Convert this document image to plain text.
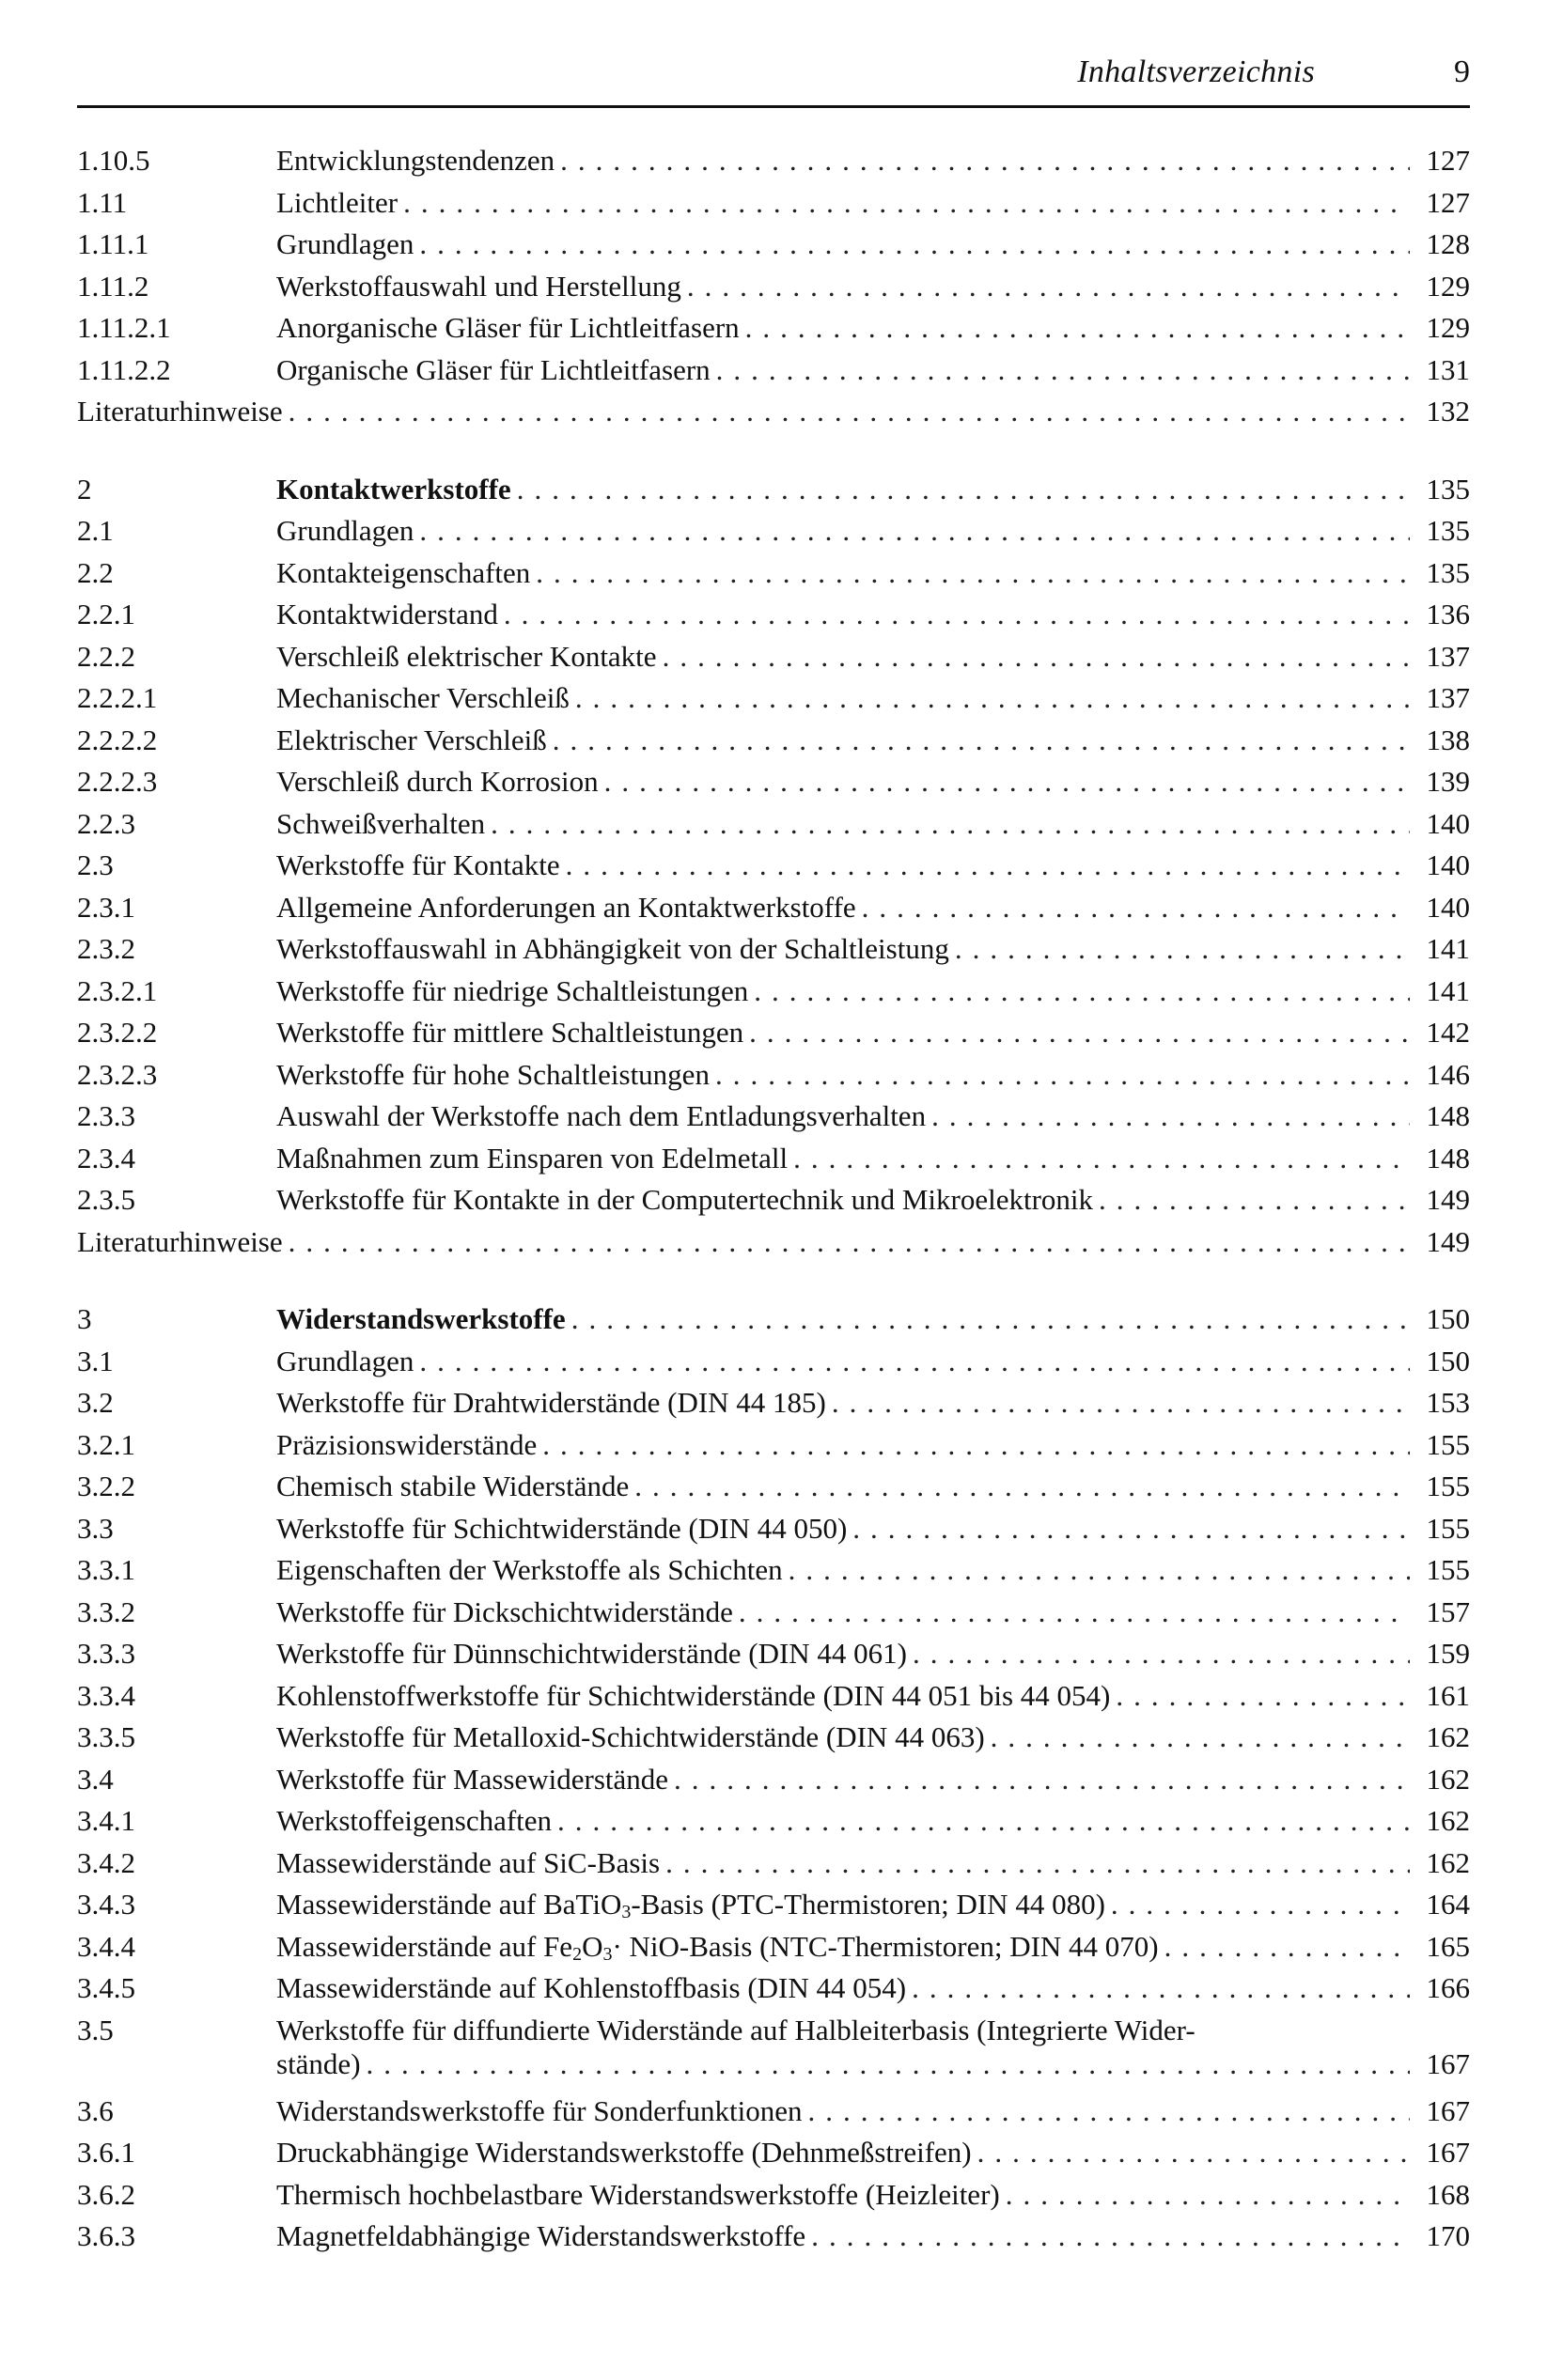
Inhaltsverzeichnis	9
1.10.5	Entwicklungstendenzen .....	127
1.11	Lichtleiter .....	127
1.11.1	Grundlagen .....	128
1.11.2	Werkstoffauswahl und Herstellung .....	129
1.11.2.1	Anorganische Gläser für Lichtleitfasern .....	129
1.11.2.2	Organische Gläser für Lichtleitfasern .....	131
Literaturhinweise .....	132
2	Kontaktwerkstoffe .....	135
2.1	Grundlagen .....	135
2.2	Kontakteigenschaften .....	135
2.2.1	Kontaktwiderstand .....	136
2.2.2	Verschleiß elektrischer Kontakte .....	137
2.2.2.1	Mechanischer Verschleiß .....	137
2.2.2.2	Elektrischer Verschleiß .....	138
2.2.2.3	Verschleiß durch Korrosion .....	139
2.2.3	Schweißverhalten .....	140
2.3	Werkstoffe für Kontakte .....	140
2.3.1	Allgemeine Anforderungen an Kontaktwerkstoffe .....	140
2.3.2	Werkstoffauswahl in Abhängigkeit von der Schaltleistung .....	141
2.3.2.1	Werkstoffe für niedrige Schaltleistungen .....	141
2.3.2.2	Werkstoffe für mittlere Schaltleistungen .....	142
2.3.2.3	Werkstoffe für hohe Schaltleistungen .....	146
2.3.3	Auswahl der Werkstoffe nach dem Entladungsverhalten .....	148
2.3.4	Maßnahmen zum Einsparen von Edelmetall .....	148
2.3.5	Werkstoffe für Kontakte in der Computertechnik und Mikroelektronik .....	149
Literaturhinweise .....	149
3	Widerstandswerkstoffe .....	150
3.1	Grundlagen .....	150
3.2	Werkstoffe für Drahtwiderstände (DIN 44 185) .....	153
3.2.1	Präzisionswiderstände .....	155
3.2.2	Chemisch stabile Widerstände .....	155
3.3	Werkstoffe für Schichtwiderstände (DIN 44 050) .....	155
3.3.1	Eigenschaften der Werkstoffe als Schichten .....	155
3.3.2	Werkstoffe für Dickschichtwiderstände .....	157
3.3.3	Werkstoffe für Dünnschichtwiderstände (DIN 44 061) .....	159
3.3.4	Kohlenstoffwerkstoffe für Schichtwiderstände (DIN 44 051 bis 44 054) .....	161
3.3.5	Werkstoffe für Metalloxid-Schichtwiderstände (DIN 44 063) .....	162
3.4	Werkstoffe für Massewiderstände .....	162
3.4.1	Werkstoffeigenschaften .....	162
3.4.2	Massewiderstände auf SiC-Basis .....	162
3.4.3	Massewiderstände auf BaTiO$_3$-Basis (PTC-Thermistoren; DIN 44 080) .....	164
3.4.4	Massewiderstände auf $Fe_2O_3\cdot$ NiO-Basis (NTC-Thermistoren; DIN 44 070) .....	165
3.4.5	Massewiderstände auf Kohlenstoffbasis (DIN 44 054) .....	166
3.5	Werkstoffe für diffundierte Widerstände auf Halbleiterbasis (Integrierte Wider-
stände) .....	167
3.6	Widerstandswerkstoffe für Sonderfunktionen .....	167
3.6.1	Druckabhängige Widerstandswerkstoffe (Dehnmeßstreifen) .....	167
3.6.2	Thermisch hochbelastbare Widerstandswerkstoffe (Heizleiter) .....	168
3.6.3	Magnetfeldabhängige Widerstandswerkstoffe .....	170
